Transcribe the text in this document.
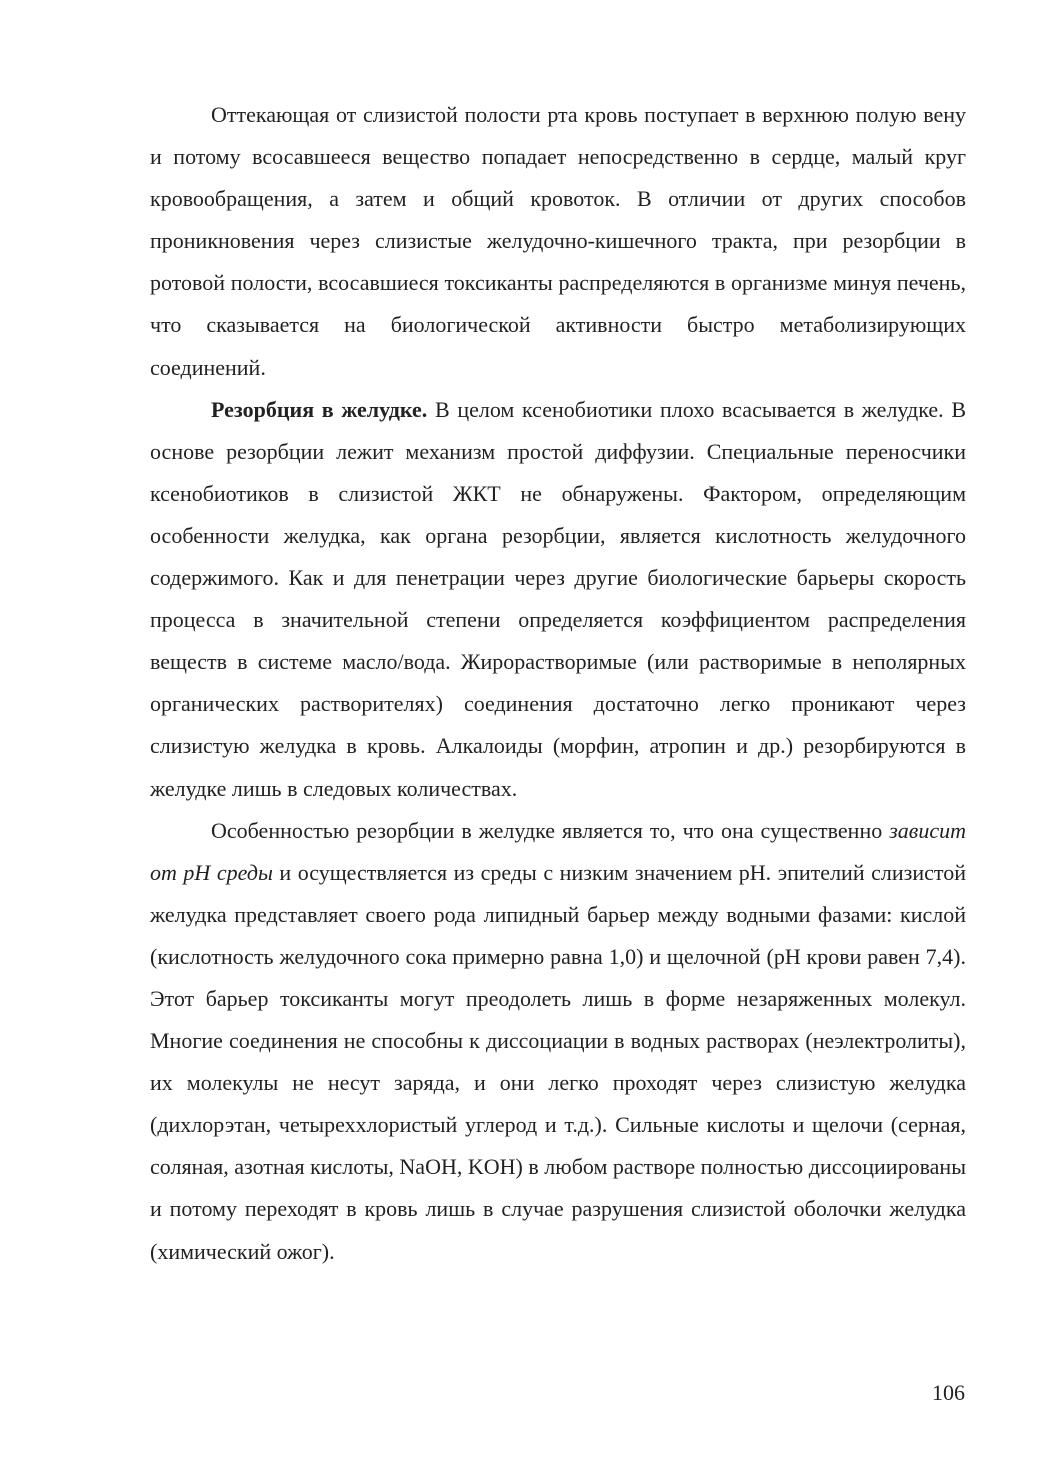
Оттекающая от слизистой полости рта кровь поступает в верхнюю полую вену и потому всосавшееся вещество попадает непосредственно в сердце, малый круг кровообращения, а затем и общий кровоток. В отличии от других способов проникновения через слизистые желудочно-кишечного тракта, при резорбции в ротовой полости, всосавшиеся токсиканты распределяются в организме минуя печень, что сказывается на биологической активности быстро метаболизирующих соединений.

Резорбция в желудке. В целом ксенобиотики плохо всасывается в желудке. В основе резорбции лежит механизм простой диффузии. Специальные переносчики ксенобиотиков в слизистой ЖКТ не обнаружены. Фактором, определяющим особенности желудка, как органа резорбции, является кислотность желудочного содержимого. Как и для пенетрации через другие биологические барьеры скорость процесса в значительной степени определяется коэффициентом распределения веществ в системе масло/вода. Жирорастворимые (или растворимые в неполярных органических растворителях) соединения достаточно легко проникают через слизистую желудка в кровь. Алкалоиды (морфин, атропин и др.) резорбируются в желудке лишь в следовых количествах.

Особенностью резорбции в желудке является то, что она существенно зависит от pH среды и осуществляется из среды с низким значением pH. эпителий слизистой желудка представляет своего рода липидный барьер между водными фазами: кислой (кислотность желудочного сока примерно равна 1,0) и щелочной (pH крови равен 7,4). Этот барьер токсиканты могут преодолеть лишь в форме незаряженных молекул. Многие соединения не способны к диссоциации в водных растворах (неэлектролиты), их молекулы не несут заряда, и они легко проходят через слизистую желудка (дихлорэтан, четыреххлористый углерод и т.д.). Сильные кислоты и щелочи (серная, соляная, азотная кислоты, NaOH, KOH) в любом растворе полностью диссоциированы и потому переходят в кровь лишь в случае разрушения слизистой оболочки желудка (химический ожог).

106
